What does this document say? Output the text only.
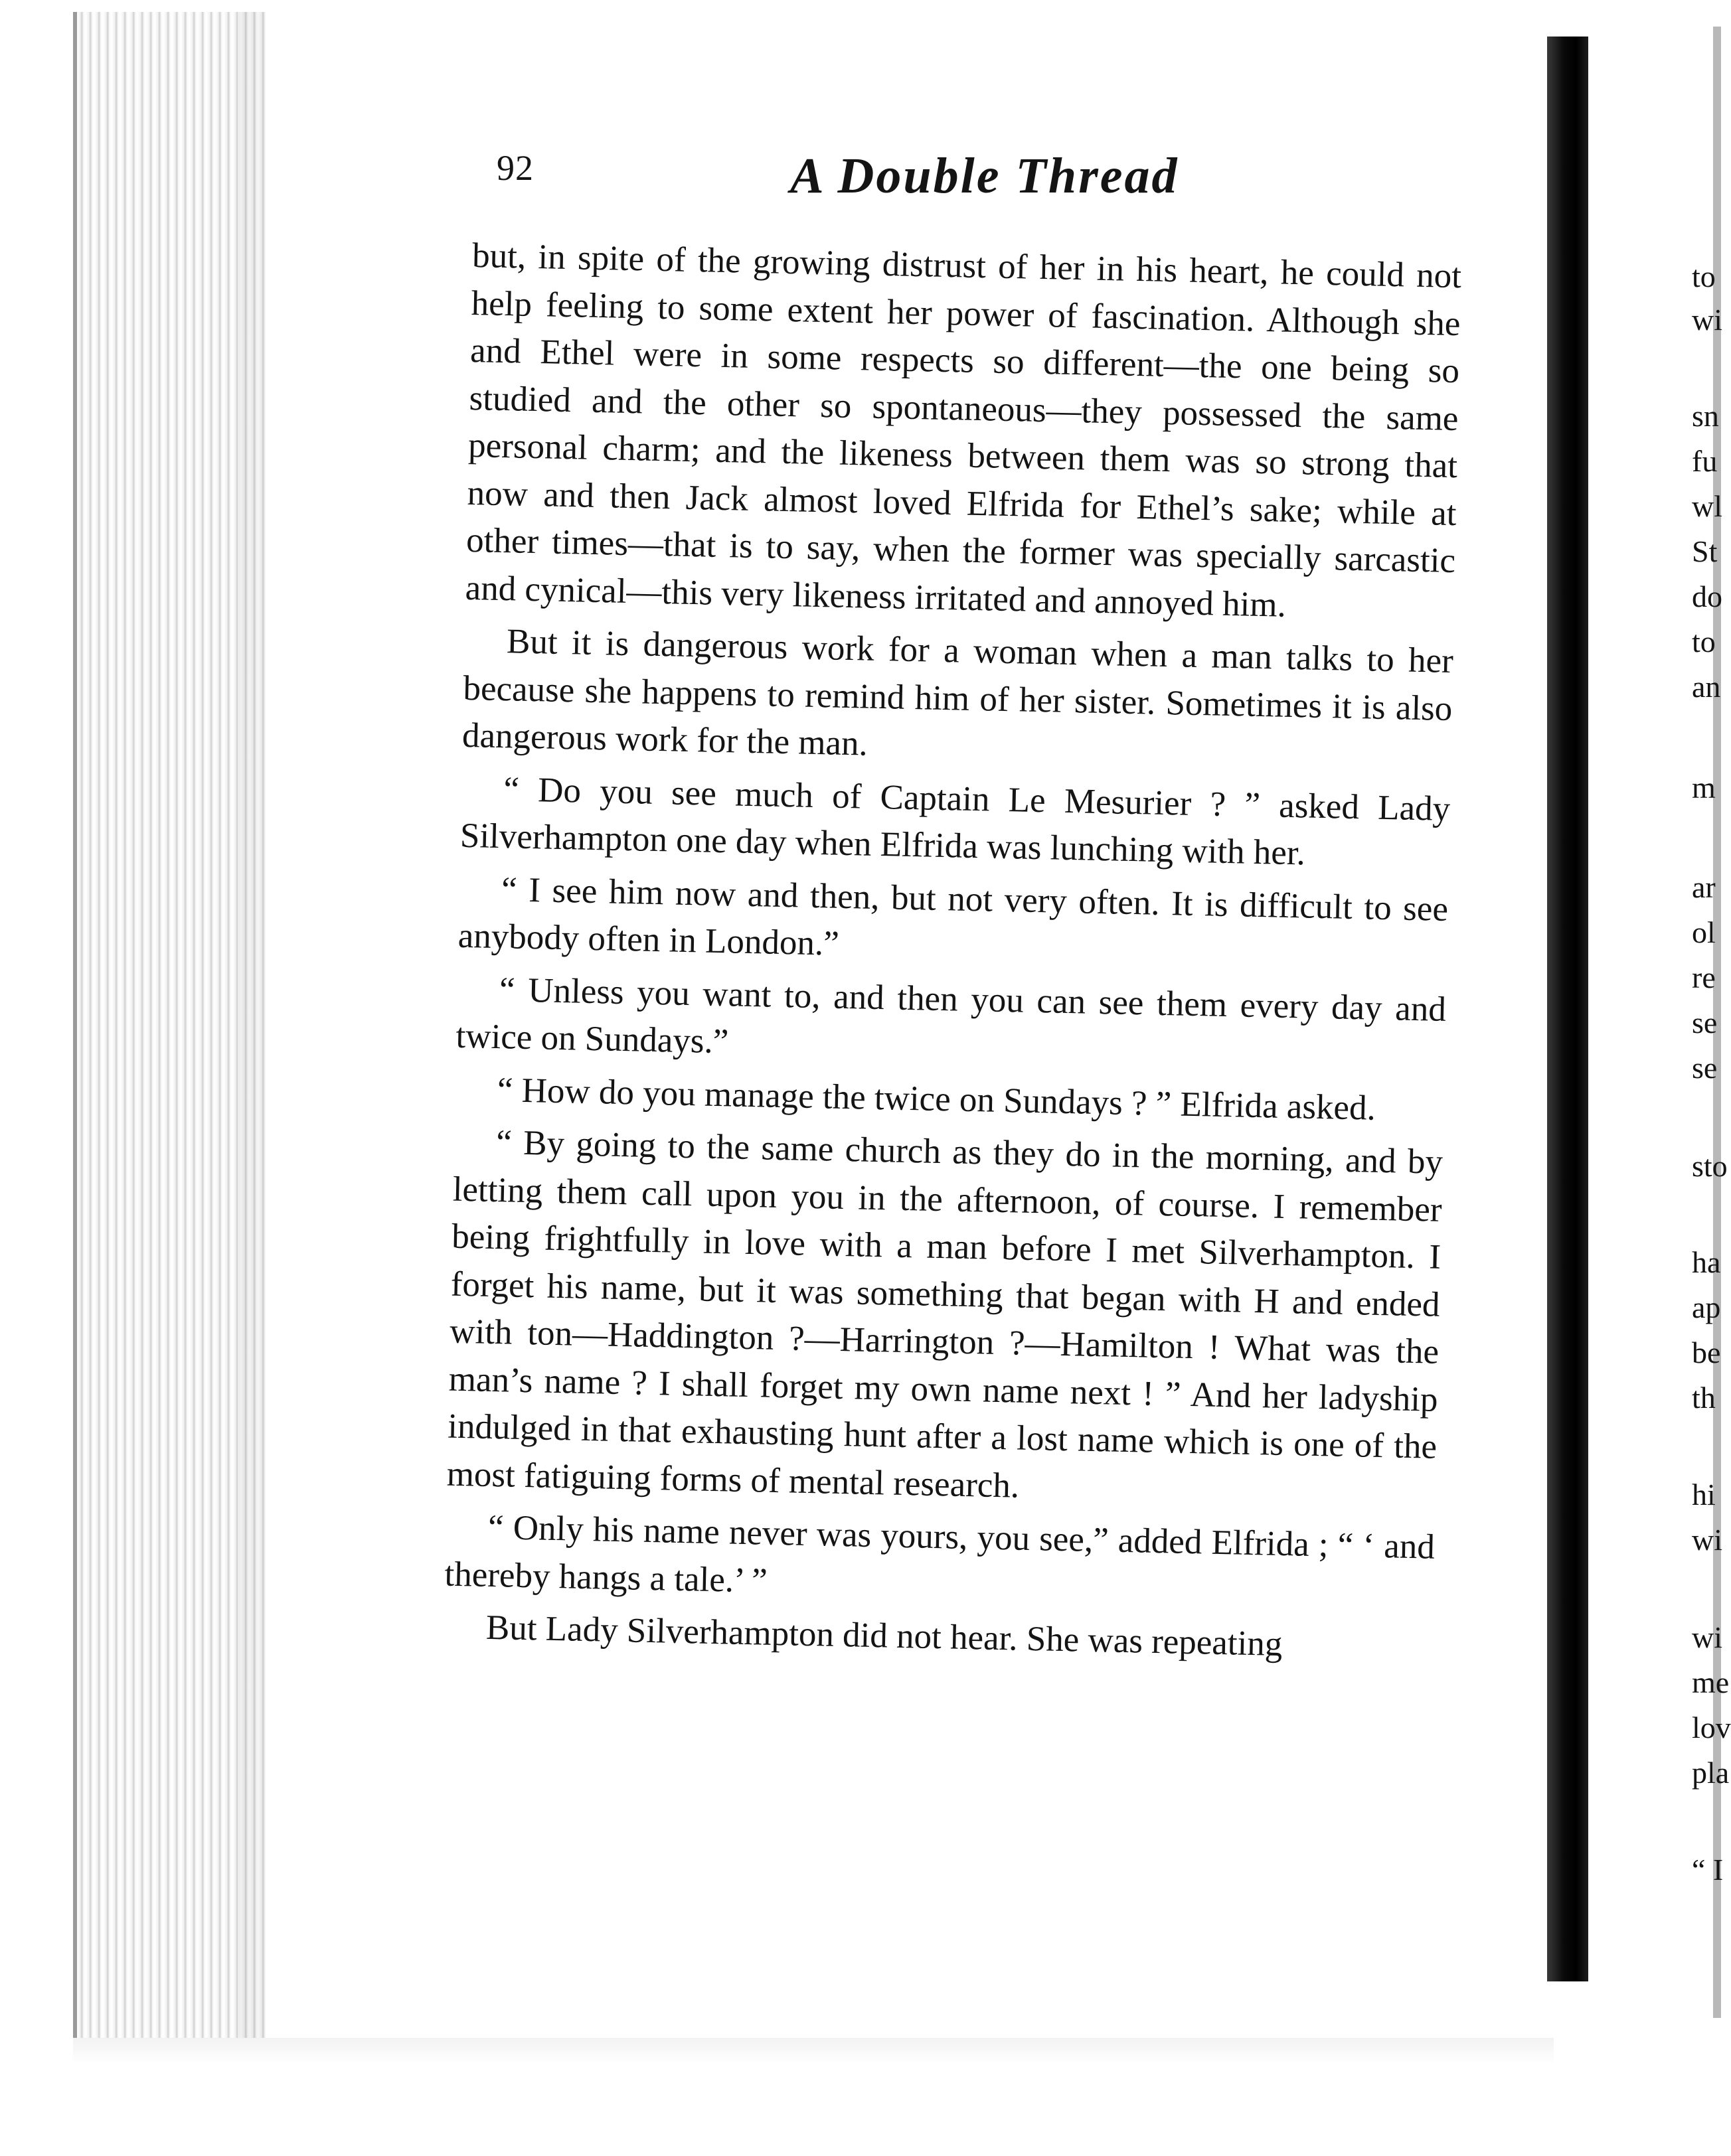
92	A Double Thread

but, in spite of the growing distrust of her in his heart, he could not help feeling to some extent her power of fascination. Although she and Ethel were in some respects so different—the one being so studied and the other so spontaneous—they possessed the same personal charm; and the likeness between them was so strong that now and then Jack almost loved Elfrida for Ethel’s sake; while at other times—that is to say, when the former was specially sarcastic and cynical—this very likeness irritated and annoyed him.

But it is dangerous work for a woman when a man talks to her because she happens to remind him of her sister. Sometimes it is also dangerous work for the man.

“ Do you see much of Captain Le Mesurier ? ” asked Lady Silverhampton one day when Elfrida was lunching with her.

“ I see him now and then, but not very often. It is difficult to see anybody often in London.”

“ Unless you want to, and then you can see them every day and twice on Sundays.”

“ How do you manage the twice on Sundays ? ” Elfrida asked.

“ By going to the same church as they do in the morning, and by letting them call upon you in the afternoon, of course. I remember being frightfully in love with a man before I met Silverhampton. I forget his name, but it was something that began with H and ended with ton—Haddington ?—Harrington ?—Hamilton ! What was the man’s name ? I shall forget my own name next ! ” And her ladyship indulged in that exhausting hunt after a lost name which is one of the most fatiguing forms of mental research.

“ Only his name never was yours, you see,” added Elfrida ; “ ‘ and thereby hangs a tale.’ ”

But Lady Silverhampton did not hear. She was repeating

to
wi
sn
fu
wl
St
do
to
an
m
ar
ol
re
se
se
sto
ha
ap
be
th
hi
wi
wi
me
lov
pla
“ I
